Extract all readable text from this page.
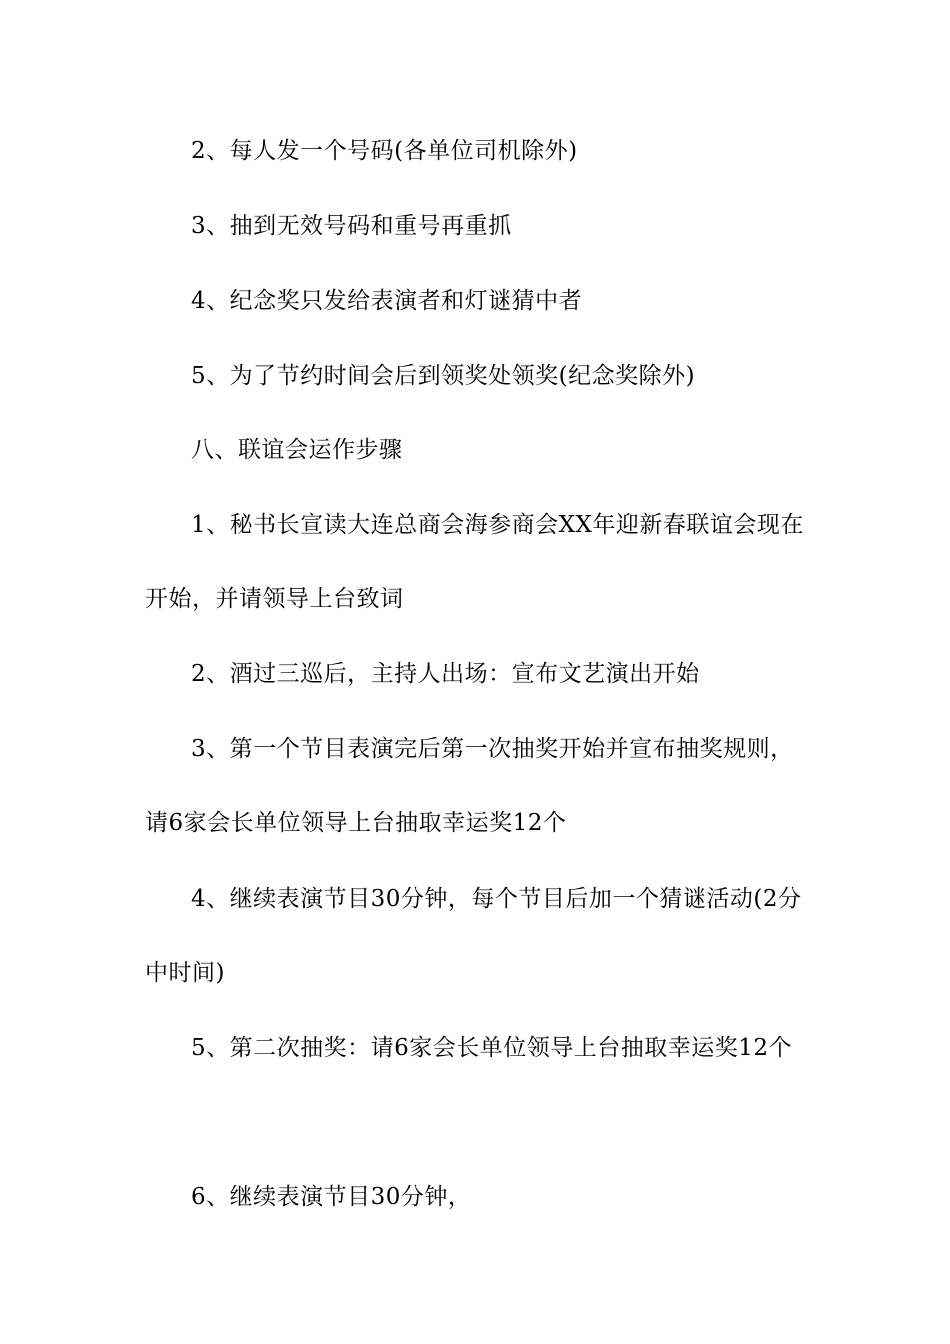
2、每人发一个号码(各单位司机除外)

3、抽到无效号码和重号再重抓

4、纪念奖只发给表演者和灯谜猜中者

5、为了节约时间会后到领奖处领奖(纪念奖除外)

八、联谊会运作步骤

1、秘书长宣读大连总商会海参商会XX年迎新春联谊会现在开始，并请领导上台致词

2、酒过三巡后，主持人出场：宣布文艺演出开始

3、第一个节目表演完后第一次抽奖开始并宣布抽奖规则，请6家会长单位领导上台抽取幸运奖12个

4、继续表演节目30分钟，每个节目后加一个猜谜活动(2分中时间)

5、第二次抽奖：请6家会长单位领导上台抽取幸运奖12个

6、继续表演节目30分钟，
